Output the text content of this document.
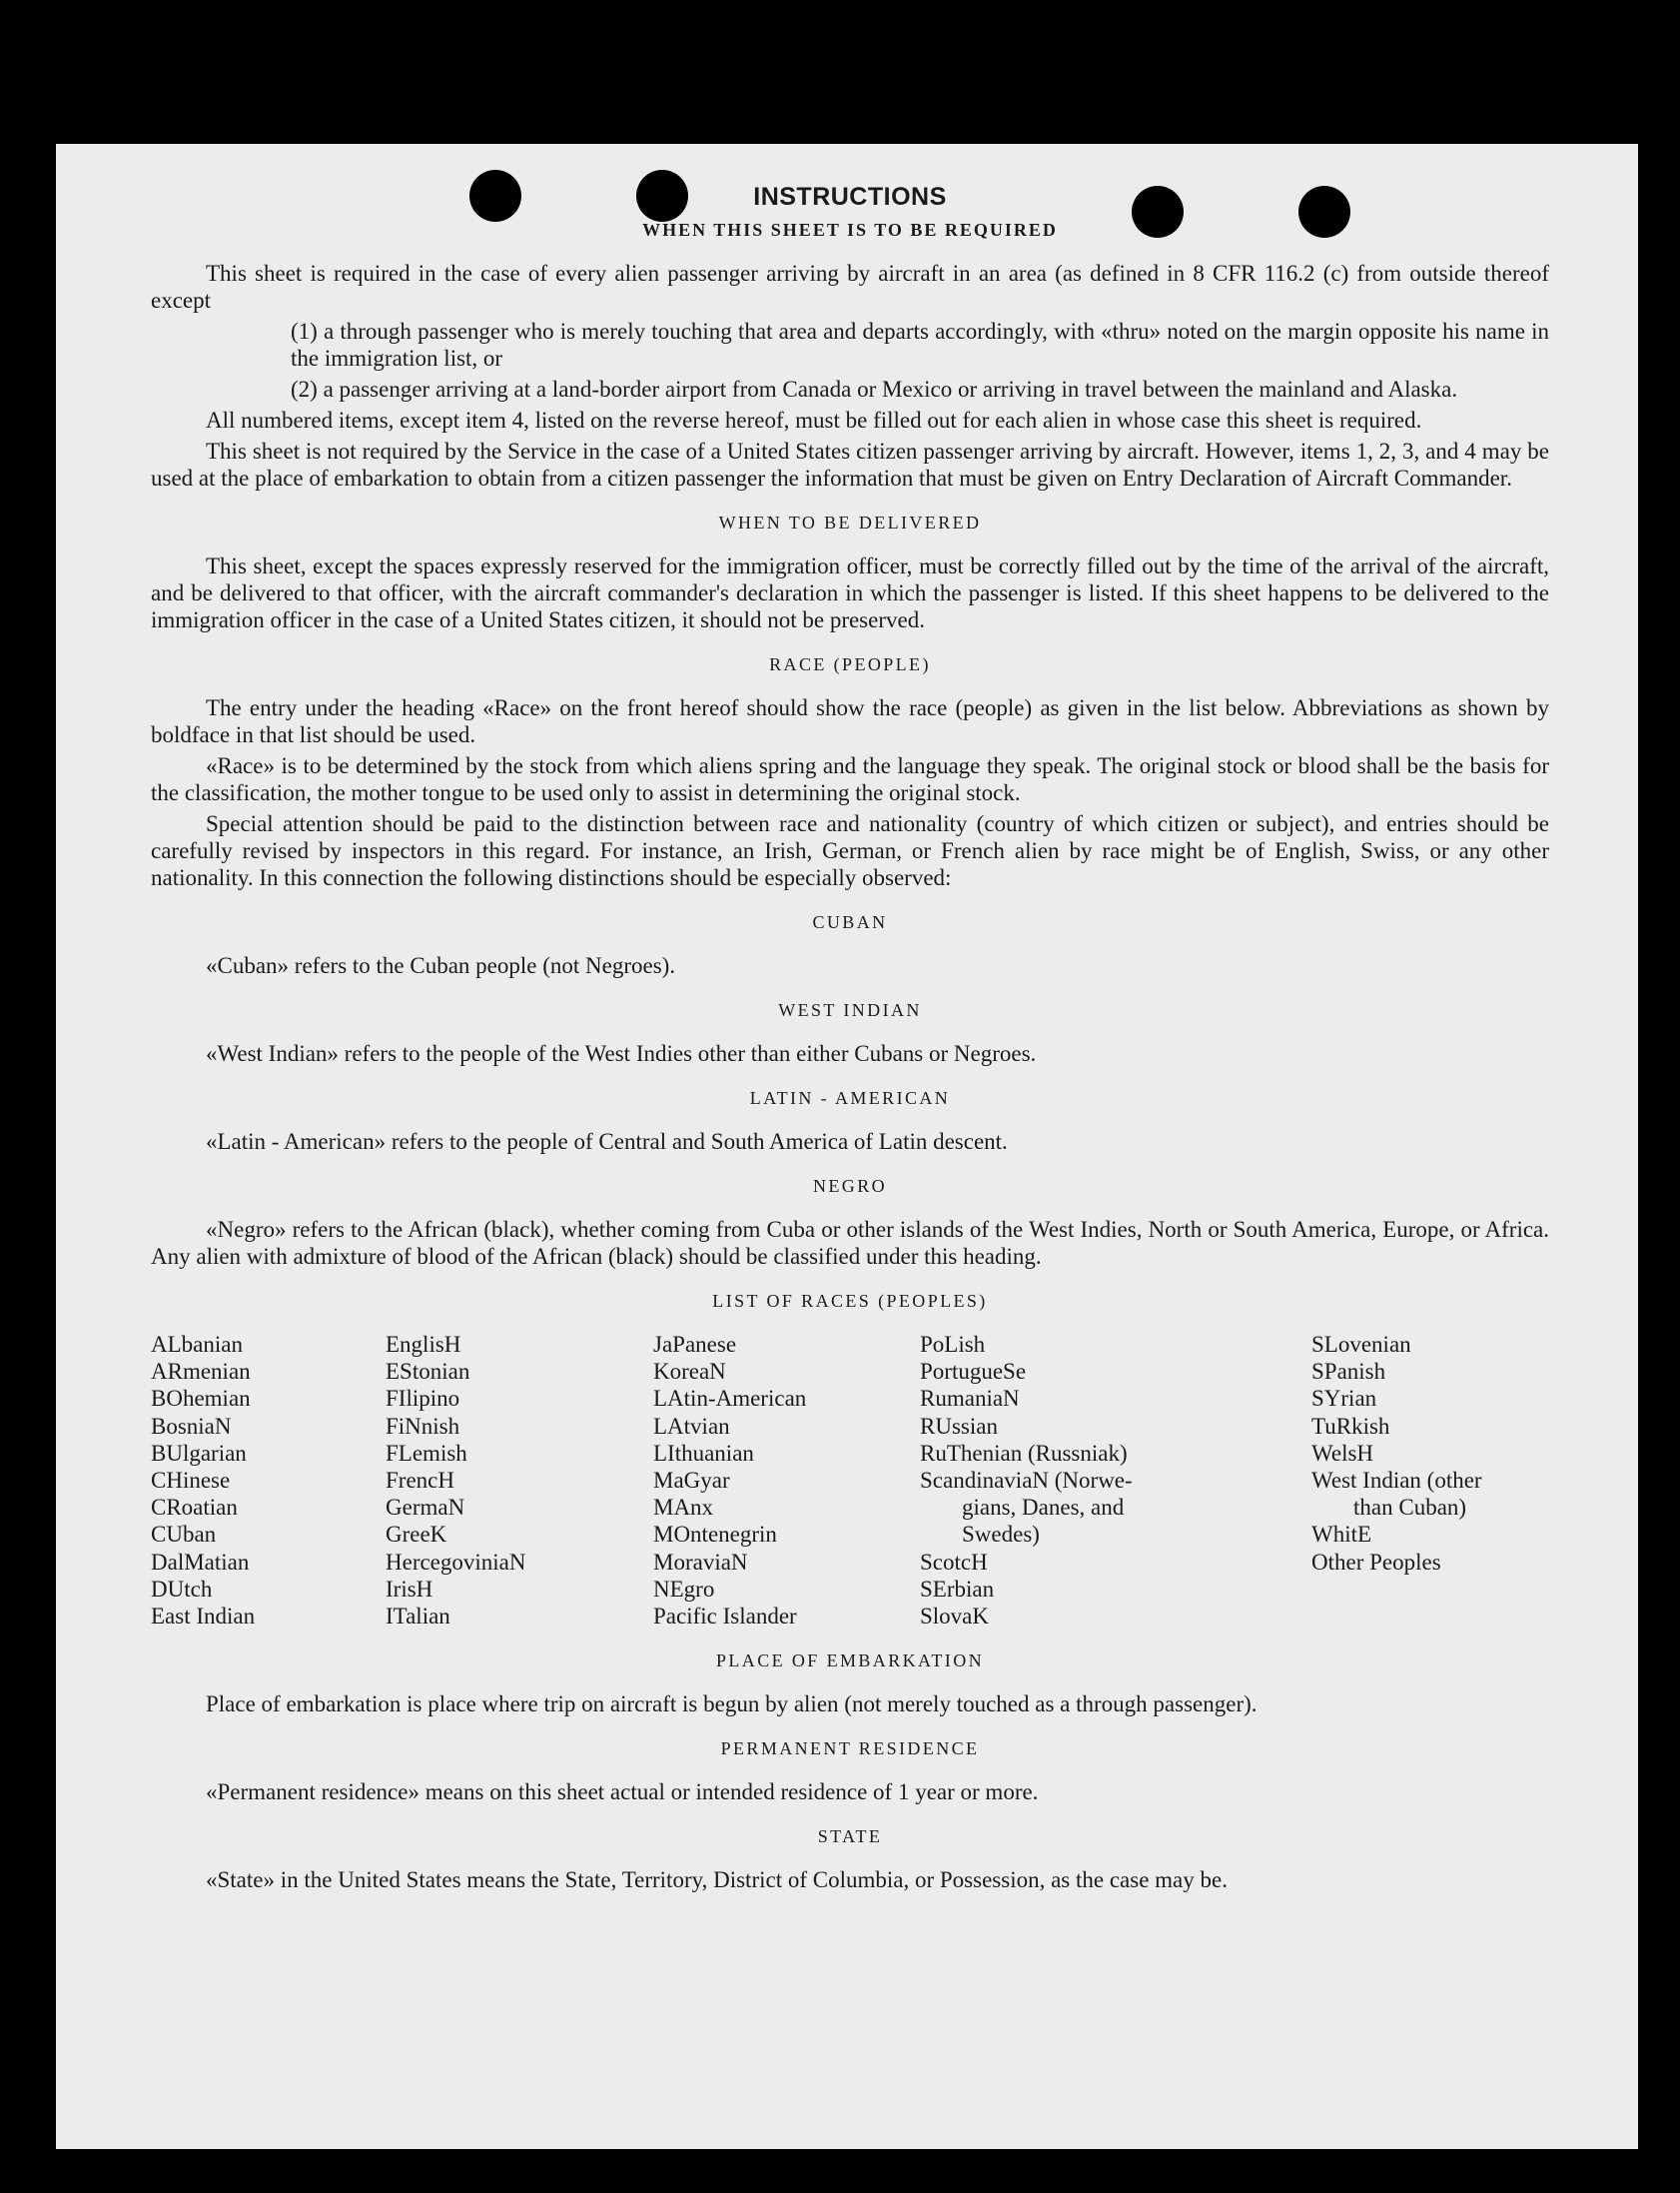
INSTRUCTIONS
WHEN THIS SHEET IS TO BE REQUIRED

This sheet is required in the case of every alien passenger arriving by aircraft in an area (as defined in 8 CFR 116.2 (c) from outside thereof except

(1) a through passenger who is merely touching that area and departs accordingly, with «thru» noted on the margin opposite his name in the immigration list, or
(2) a passenger arriving at a land-border airport from Canada or Mexico or arriving in travel between the mainland and Alaska.

All numbered items, except item 4, listed on the reverse hereof, must be filled out for each alien in whose case this sheet is required.

This sheet is not required by the Service in the case of a United States citizen passenger arriving by aircraft. However, items 1, 2, 3, and 4 may be used at the place of embarkation to obtain from a citizen passenger the information that must be given on Entry Declaration of Aircraft Commander.

WHEN TO BE DELIVERED

This sheet, except the spaces expressly reserved for the immigration officer, must be correctly filled out by the time of the arrival of the aircraft, and be delivered to that officer, with the aircraft commander's declaration in which the passenger is listed. If this sheet happens to be delivered to the immigration officer in the case of a United States citizen, it should not be preserved.

RACE (PEOPLE)

The entry under the heading «Race» on the front hereof should show the race (people) as given in the list below. Abbreviations as shown by boldface in that list should be used.

«Race» is to be determined by the stock from which aliens spring and the language they speak. The original stock or blood shall be the basis for the classification, the mother tongue to be used only to assist in determining the original stock.

Special attention should be paid to the distinction between race and nationality (country of which citizen or subject), and entries should be carefully revised by inspectors in this regard. For instance, an Irish, German, or French alien by race might be of English, Swiss, or any other nationality. In this connection the following distinctions should be especially observed:

CUBAN

«Cuban» refers to the Cuban people (not Negroes).

WEST INDIAN

«West Indian» refers to the people of the West Indies other than either Cubans or Negroes.

LATIN - AMERICAN

«Latin - American» refers to the people of Central and South America of Latin descent.

NEGRO

«Negro» refers to the African (black), whether coming from Cuba or other islands of the West Indies, North or South America, Europe, or Africa. Any alien with admixture of blood of the African (black) should be classified under this heading.

LIST OF RACES (PEOPLES)
ALbanian
ARmenian
BOhemian
BosniaN
BUlgarian
CHinese
CRoatian
CUban
DalMatian
DUtch
East Indian
EnglisH
EStonian
FIlipino
FiNnish
FLemish
FrencH
GermaN
GreeK
HercegovinіaN
IrisH
ITalian
JaPanese
KoreaN
LAtin-American
LAtvian
LIthuanian
MaGyar
MAnx
MOntenegrin
MoraviaN
NEgro
Pacific Islander
PoLish
PortugueSe
RumaniaN
RUssian
RuThenian (Russniak)
ScandinaviaN (Norwe-
gians, Danes, and
Swedes)
ScotcH
SErbian
SlovaK
SLovenian
SPanish
SYrian
TuRkish
WelsH
West Indian (other
than Cuban)
WhitE
Other Peoples
PLACE OF EMBARKATION

Place of embarkation is place where trip on aircraft is begun by alien (not merely touched as a through passenger).

PERMANENT RESIDENCE

«Permanent residence» means on this sheet actual or intended residence of 1 year or more.

STATE

«State» in the United States means the State, Territory, District of Columbia, or Possession, as the case may be.
